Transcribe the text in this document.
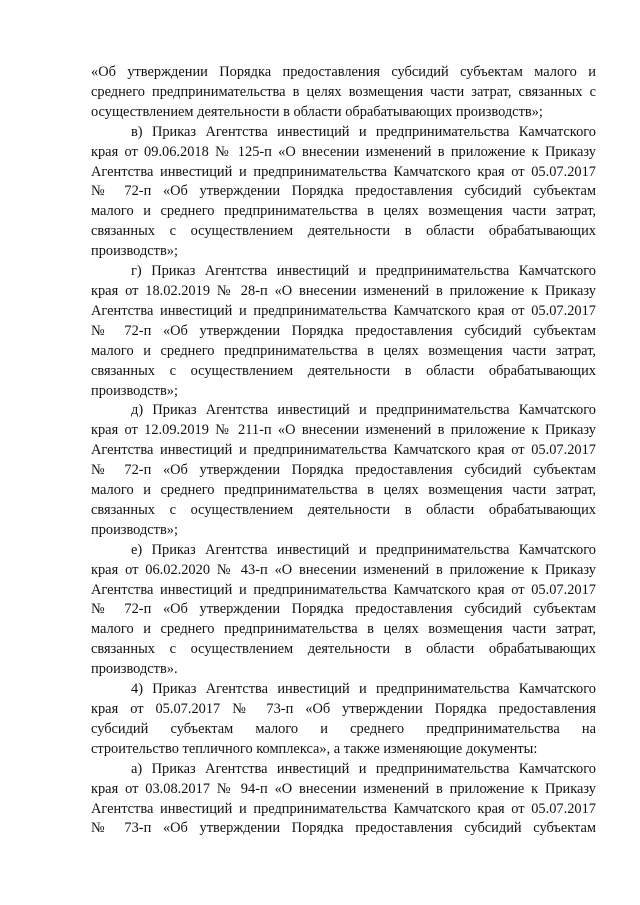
«Об утверждении Порядка предоставления субсидий субъектам малого и
среднего предпринимательства в целях возмещения части затрат, связанных с
осуществлением деятельности в области обрабатывающих производств»;
в) Приказ Агентства инвестиций и предпринимательства Камчатского
края от 09.06.2018 № 125-п «О внесении изменений в приложение к Приказу
Агентства инвестиций и предпринимательства Камчатского края от 05.07.2017
№ 72-п «Об утверждении Порядка предоставления субсидий субъектам
малого и среднего предпринимательства в целях возмещения части затрат,
связанных с осуществлением деятельности в области обрабатывающих
производств»;
г) Приказ Агентства инвестиций и предпринимательства Камчатского
края от 18.02.2019 № 28-п «О внесении изменений в приложение к Приказу
Агентства инвестиций и предпринимательства Камчатского края от 05.07.2017
№ 72-п «Об утверждении Порядка предоставления субсидий субъектам
малого и среднего предпринимательства в целях возмещения части затрат,
связанных с осуществлением деятельности в области обрабатывающих
производств»;
д) Приказ Агентства инвестиций и предпринимательства Камчатского
края от 12.09.2019 № 211-п «О внесении изменений в приложение к Приказу
Агентства инвестиций и предпринимательства Камчатского края от 05.07.2017
№ 72-п «Об утверждении Порядка предоставления субсидий субъектам
малого и среднего предпринимательства в целях возмещения части затрат,
связанных с осуществлением деятельности в области обрабатывающих
производств»;
е) Приказ Агентства инвестиций и предпринимательства Камчатского
края от 06.02.2020 № 43-п «О внесении изменений в приложение к Приказу
Агентства инвестиций и предпринимательства Камчатского края от 05.07.2017
№ 72-п «Об утверждении Порядка предоставления субсидий субъектам
малого и среднего предпринимательства в целях возмещения части затрат,
связанных с осуществлением деятельности в области обрабатывающих
производств».
4) Приказ Агентства инвестиций и предпринимательства Камчатского
края от 05.07.2017 № 73-п «Об утверждении Порядка предоставления
субсидий субъектам малого и среднего предпринимательства на
строительство тепличного комплекса», а также изменяющие документы:
а) Приказ Агентства инвестиций и предпринимательства Камчатского
края от 03.08.2017 № 94-п «О внесении изменений в приложение к Приказу
Агентства инвестиций и предпринимательства Камчатского края от 05.07.2017
№ 73-п «Об утверждении Порядка предоставления субсидий субъектам
